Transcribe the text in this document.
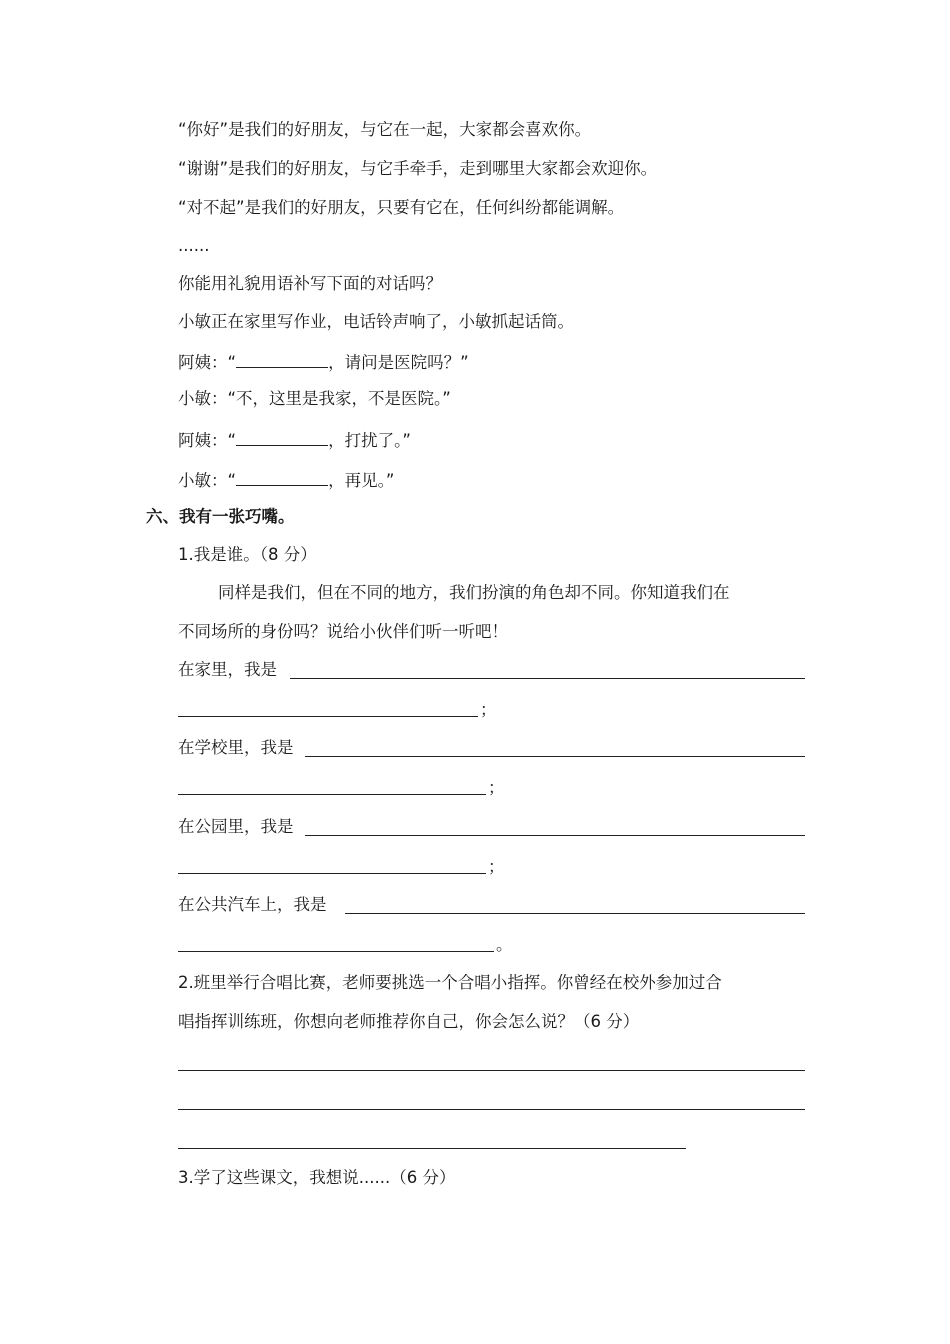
“你好”是我们的好朋友，与它在一起，大家都会喜欢你。
“谢谢”是我们的好朋友，与它手牵手，走到哪里大家都会欢迎你。
“对不起”是我们的好朋友，只要有它在，任何纠纷都能调解。
......
你能用礼貌用语补写下面的对话吗？
小敏正在家里写作业，电话铃声响了，小敏抓起话筒。
阿姨：“	，请问是医院吗？”
小敏：“不，这里是我家，不是医院。”
阿姨：“	，打扰了。”
小敏：“	，再见。”
六、我有一张巧嘴。
1.我是谁。（8 分）
同样是我们，但在不同的地方，我们扮演的角色却不同。你知道我们在
不同场所的身份吗？说给小伙伴们听一听吧！
在家里，我是
；
在学校里，我是
；
在公园里，我是
；
在公共汽车上，我是
。
2.班里举行合唱比赛，老师要挑选一个合唱小指挥。你曾经在校外参加过合
唱指挥训练班，你想向老师推荐你自己，你会怎么说？（6 分）
3.学了这些课文，我想说......（6 分）
